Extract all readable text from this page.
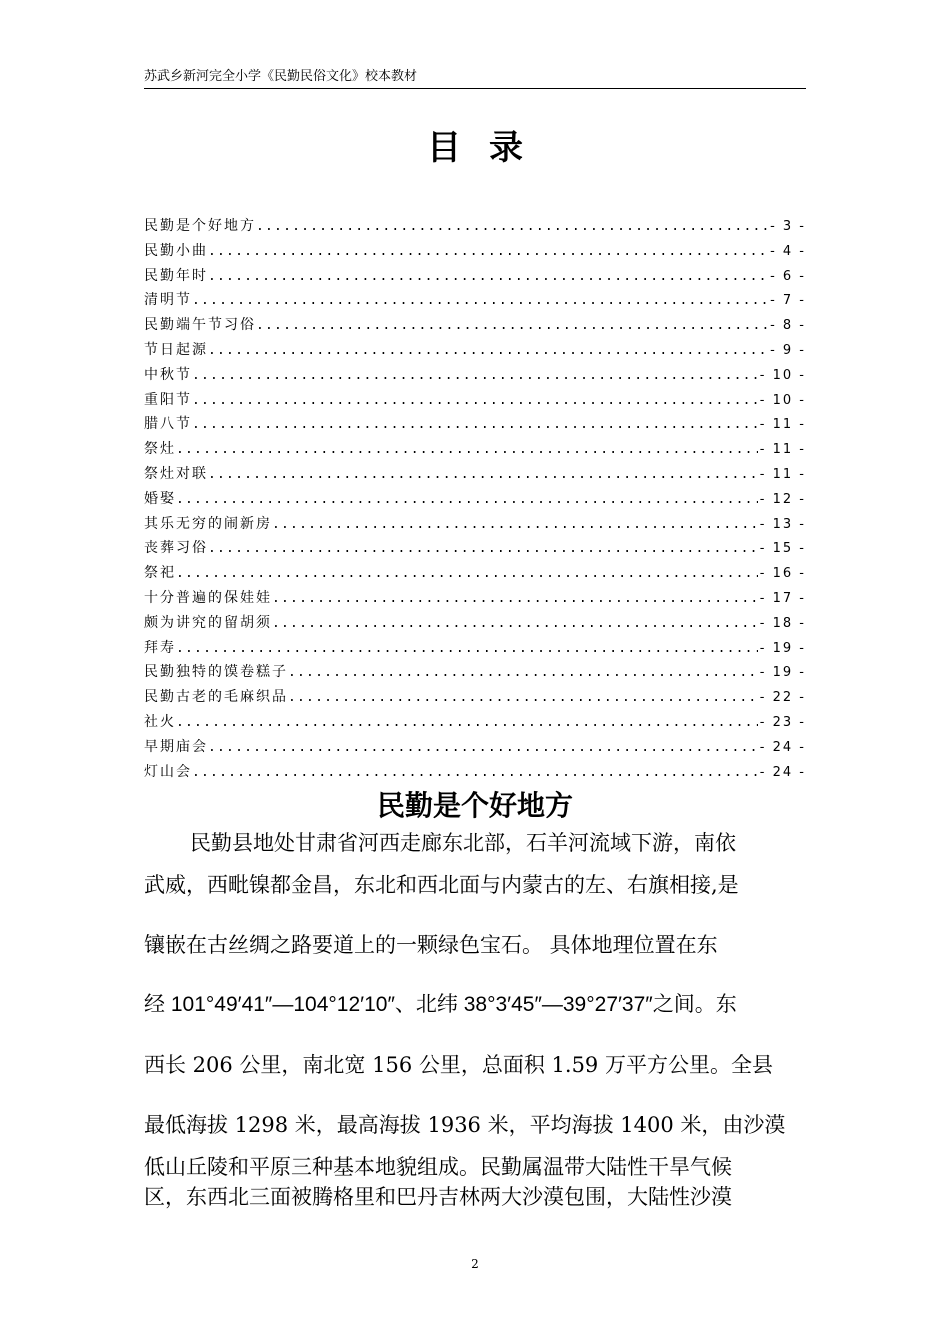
苏武乡新河完全小学《民勤民俗文化》校本教材
目录
民勤是个好地方 .....	- 3 -
民勤小曲 .....	- 4 -
民勤年时 .....	- 6 -
清明节 .....	- 7 -
民勤端午节习俗 .....	- 8 -
节日起源 .....	- 9 -
中秋节 .....	- 10 -
重阳节 .....	- 10 -
腊八节 .....	- 11 -
祭灶 .....	- 11 -
祭灶对联 .....	- 11 -
婚娶 .....	- 12 -
其乐无穷的闹新房 .....	- 13 -
丧葬习俗 .....	- 15 -
祭祀 .....	- 16 -
十分普遍的保娃娃 .....	- 17 -
颇为讲究的留胡须 .....	- 18 -
拜寿 .....	- 19 -
民勤独特的馍卷糕子 .....	- 19 -
民勤古老的毛麻织品 .....	- 22 -
社火 .....	- 23 -
早期庙会 .....	- 24 -
灯山会 .....	- 24 -
民勤是个好地方
民勤县地处甘肃省河西走廊东北部，石羊河流域下游，南依
武威，西毗镍都金昌，东北和西北面与内蒙古的左、右旗相接,是
镶嵌在古丝绸之路要道上的一颗绿色宝石。 具体地理位置在东
经 101°49′41″—104°12′10″、北纬 38°3′45″—39°27′37″之间。东
西长 206 公里，南北宽 156 公里，总面积 1.59 万平方公里。全县
最低海拔 1298 米，最高海拔 1936 米，平均海拔 1400 米，由沙漠
低山丘陵和平原三种基本地貌组成。民勤属温带大陆性干旱气候
区，东西北三面被腾格里和巴丹吉林两大沙漠包围，大陆性沙漠
2
